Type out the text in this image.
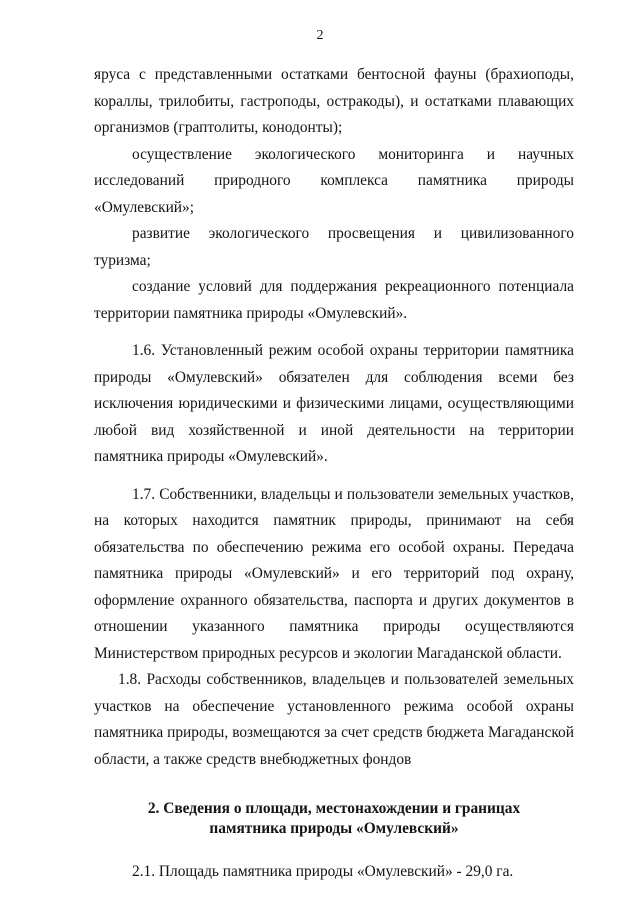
2

яруса с представленными остатками бентосной фауны (брахиоподы, кораллы, трилобиты, гастроподы, остракоды), и остатками плавающих организмов (граптолиты, конодонты);

осуществление экологического мониторинга и научных исследований природного комплекса памятника природы «Омулевский»;

развитие экологического просвещения и цивилизованного туризма;

создание условий для поддержания рекреационного потенциала территории памятника природы «Омулевский».

1.6. Установленный режим особой охраны территории памятника природы «Омулевский» обязателен для соблюдения всеми без исключения юридическими и физическими лицами, осуществляющими любой вид хозяйственной и иной деятельности на территории памятника природы «Омулевский».

1.7. Собственники, владельцы и пользователи земельных участков, на которых находится памятник природы, принимают на себя обязательства по обеспечению режима его особой охраны. Передача памятника природы «Омулевский» и его территорий под охрану, оформление охранного обязательства, паспорта и других документов в отношении указанного памятника природы осуществляются Министерством природных ресурсов и экологии Магаданской области.

1.8. Расходы собственников, владельцев и пользователей земельных участков на обеспечение установленного режима особой охраны памятника природы, возмещаются за счет средств бюджета Магаданской области, а также средств внебюджетных фондов

2. Сведения о площади, местонахождении и границах
памятника природы «Омулевский»

2.1. Площадь памятника природы «Омулевский» - 29,0 га.
